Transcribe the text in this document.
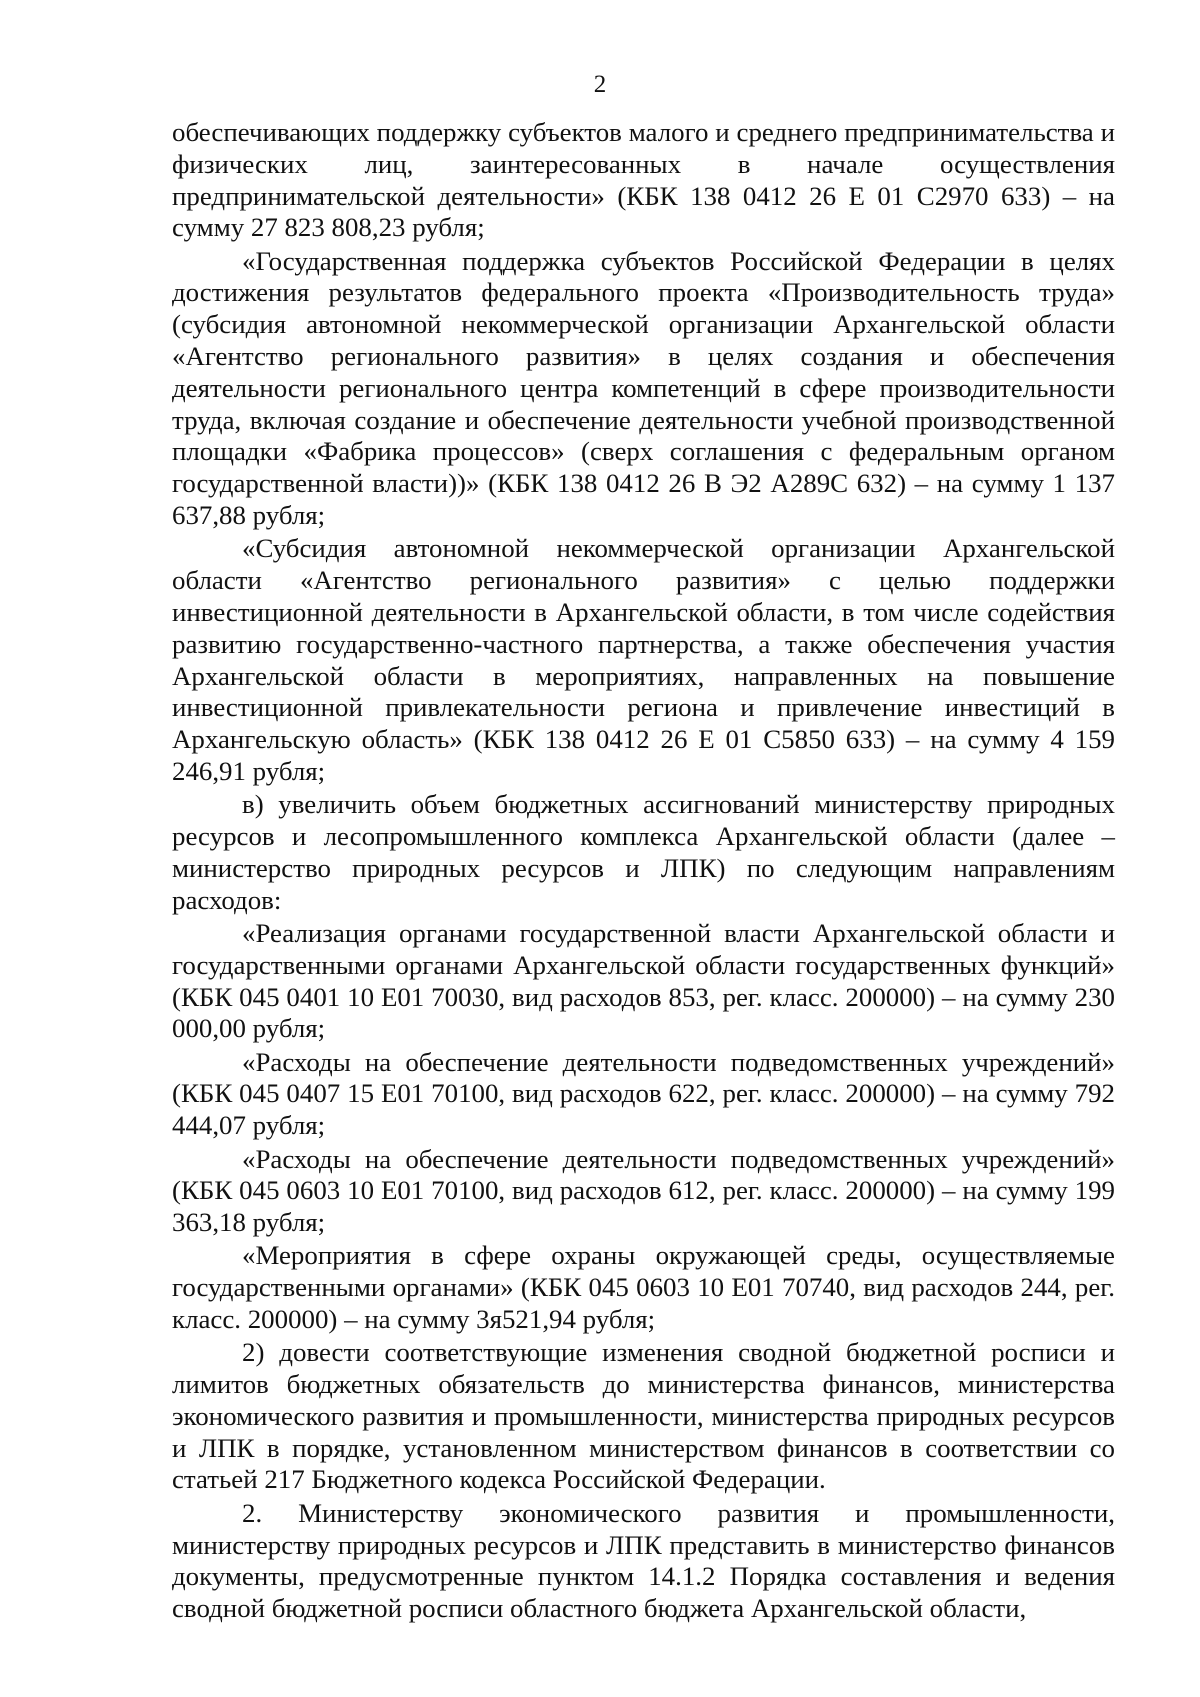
2

обеспечивающих поддержку субъектов малого и среднего предпринимательства и физических лиц, заинтересованных в начале осуществления предпринимательской деятельности» (КБК 138 0412 26 Е 01 С2970 633) – на сумму 27 823 808,23 рубля;

«Государственная поддержка субъектов Российской Федерации в целях достижения результатов федерального проекта «Производительность труда» (субсидия автономной некоммерческой организации Архангельской области «Агентство регионального развития» в целях создания и обеспечения деятельности регионального центра компетенций в сфере производительности труда, включая создание и обеспечение деятельности учебной производственной площадки «Фабрика процессов» (сверх соглашения с федеральным органом государственной власти))» (КБК 138 0412 26 В Э2 А289С 632) – на сумму 1 137 637,88 рубля;

«Субсидия автономной некоммерческой организации Архангельской области «Агентство регионального развития» с целью поддержки инвестиционной деятельности в Архангельской области, в том числе содействия развитию государственно-частного партнерства, а также обеспечения участия Архангельской области в мероприятиях, направленных на повышение инвестиционной привлекательности региона и привлечение инвестиций в Архангельскую область» (КБК 138 0412 26 Е 01 С5850 633) – на сумму 4 159 246,91 рубля;

в) увеличить объем бюджетных ассигнований министерству природных ресурсов и лесопромышленного комплекса Архангельской области (далее – министерство природных ресурсов и ЛПК) по следующим направлениям расходов:

«Реализация органами государственной власти Архангельской области и государственными органами Архангельской области государственных функций» (КБК 045 0401 10 Е01 70030, вид расходов 853, рег. класс. 200000) – на сумму 230 000,00 рубля;

«Расходы на обеспечение деятельности подведомственных учреждений» (КБК 045 0407 15 Е01 70100, вид расходов 622, рег. класс. 200000) – на сумму 792 444,07 рубля;

«Расходы на обеспечение деятельности подведомственных учреждений» (КБК 045 0603 10 Е01 70100, вид расходов 612, рег. класс. 200000) – на сумму 199 363,18 рубля;

«Мероприятия в сфере охраны окружающей среды, осуществляемые государственными органами» (КБК 045 0603 10 Е01 70740, вид расходов 244, рег. класс. 200000) – на сумму 3я521,94 рубля;

2) довести соответствующие изменения сводной бюджетной росписи и лимитов бюджетных обязательств до министерства финансов, министерства экономического развития и промышленности, министерства природных ресурсов и ЛПК в порядке, установленном министерством финансов в соответствии со статьей 217 Бюджетного кодекса Российской Федерации.

2. Министерству экономического развития и промышленности, министерству природных ресурсов и ЛПК представить в министерство финансов документы, предусмотренные пунктом 14.1.2 Порядка составления и ведения сводной бюджетной росписи областного бюджета Архангельской области,
